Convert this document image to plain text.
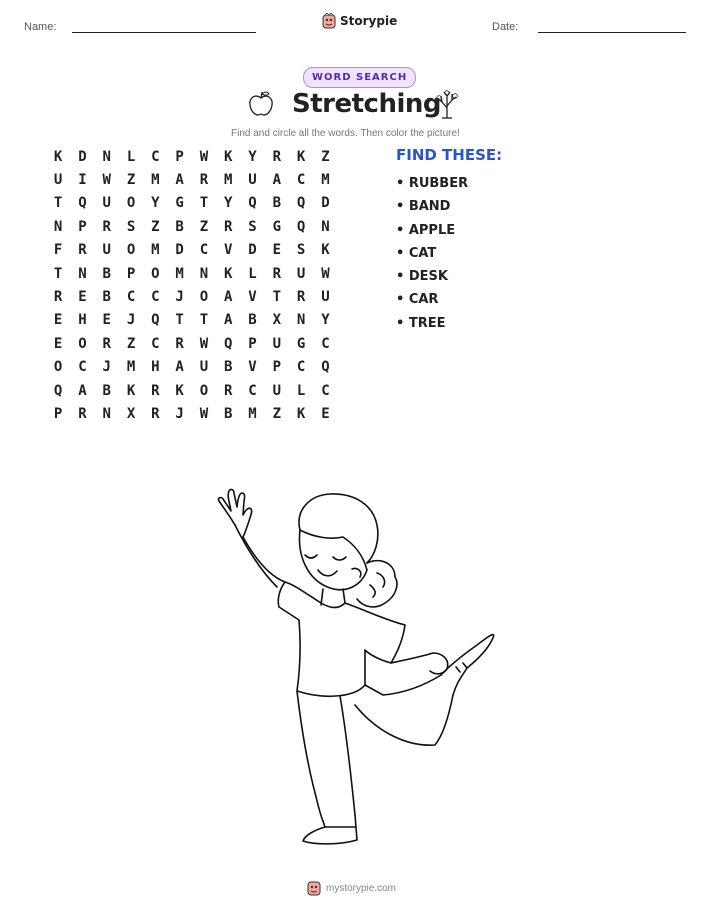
Name:	Storypie	Date:
WORD SEARCH
Stretching
Find and circle all the words. Then color the picture!
K	D	N	L	C	P	W	K	Y	R	K	Z
U	I	W	Z	M	A	R	M	U	A	C	M
T	Q	U	O	Y	G	T	Y	Q	B	Q	D
N	P	R	S	Z	B	Z	R	S	G	Q	N
F	R	U	O	M	D	C	V	D	E	S	K
T	N	B	P	O	M	N	K	L	R	U	W
R	E	B	C	C	J	O	A	V	T	R	U
E	H	E	J	Q	T	T	A	B	X	N	Y
E	O	R	Z	C	R	W	Q	P	U	G	C
O	C	J	M	H	A	U	B	V	P	C	Q
Q	A	B	K	R	K	O	R	C	U	L	C
P	R	N	X	R	J	W	B	M	Z	K	E
FIND THESE:
• RUBBER
• BAND
• APPLE
• CAT
• DESK
• CAR
• TREE
mystorypie.com
